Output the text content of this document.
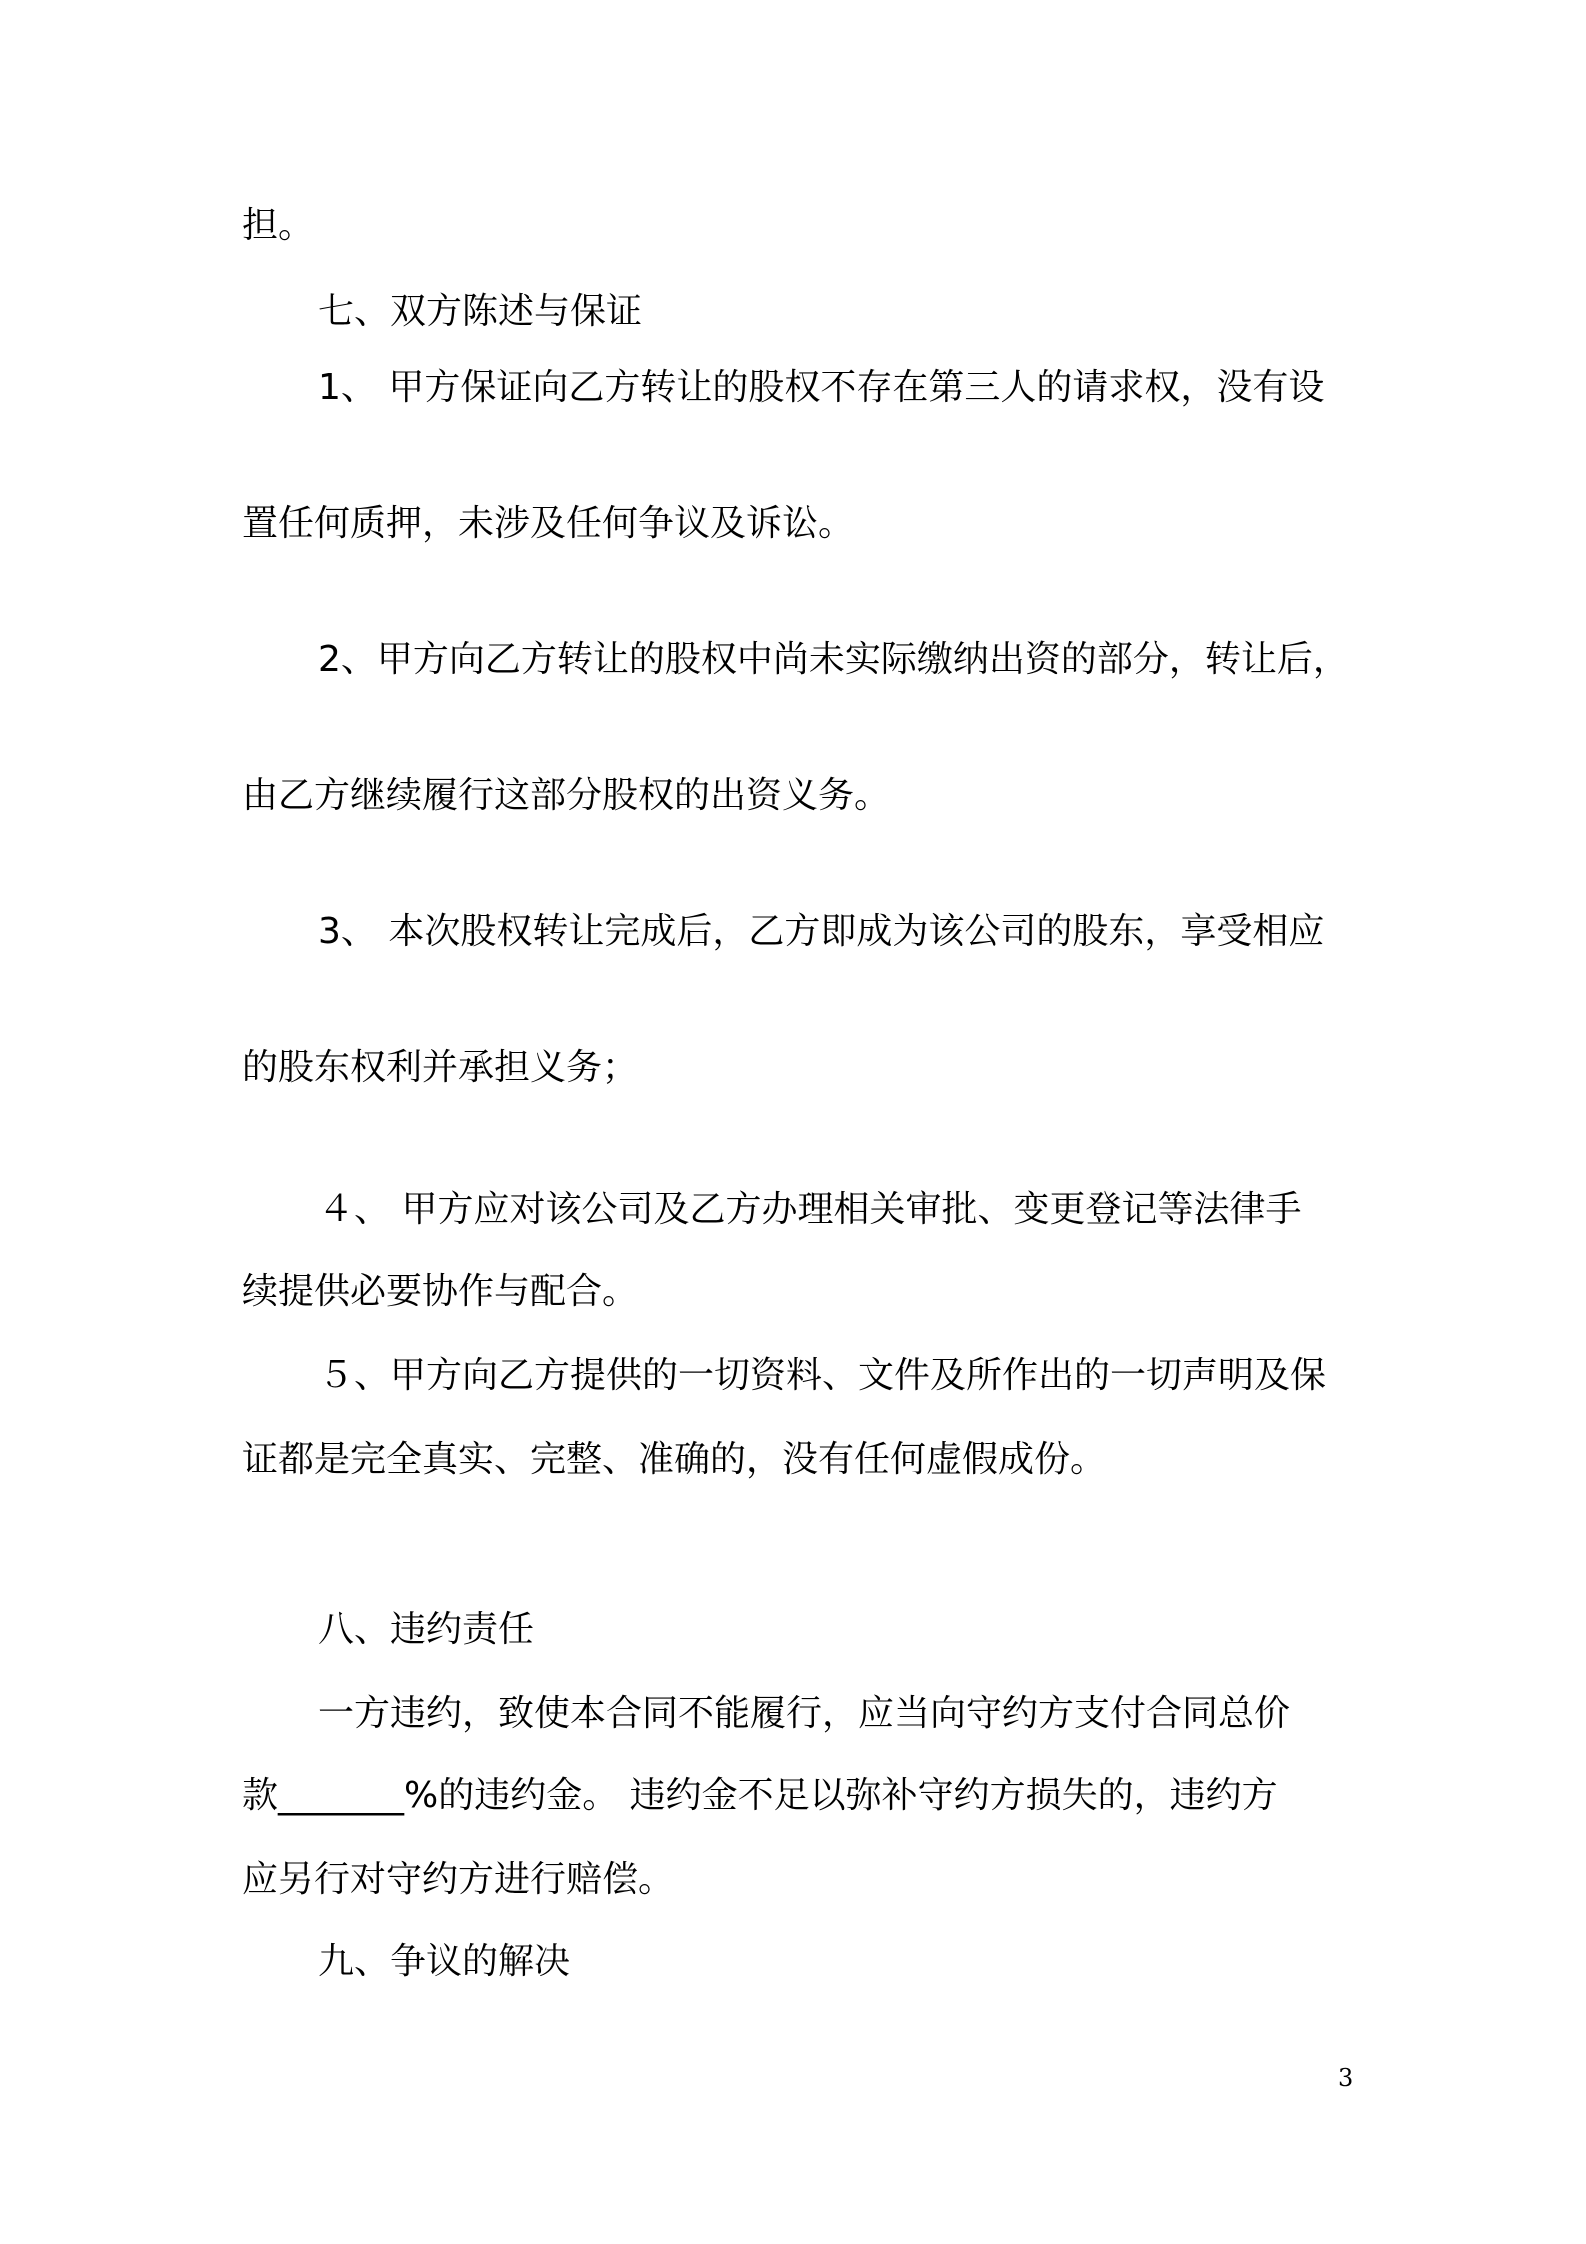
担。
七、双方陈述与保证
1、 甲方保证向乙方转让的股权不存在第三人的请求权，没有设
置任何质押，未涉及任何争议及诉讼。
2、甲方向乙方转让的股权中尚未实际缴纳出资的部分，转让后，
由乙方继续履行这部分股权的出资义务。
3、 本次股权转让完成后，乙方即成为该公司的股东，享受相应
的股东权利并承担义务；
４、 甲方应对该公司及乙方办理相关审批、变更登记等法律手
续提供必要协作与配合。
５、甲方向乙方提供的一切资料、文件及所作出的一切声明及保
证都是完全真实、完整、准确的，没有任何虚假成份。
八、违约责任
一方违约，致使本合同不能履行，应当向守约方支付合同总价
款_______%的违约金。 违约金不足以弥补守约方损失的，违约方
应另行对守约方进行赔偿。
九、争议的解决
3
